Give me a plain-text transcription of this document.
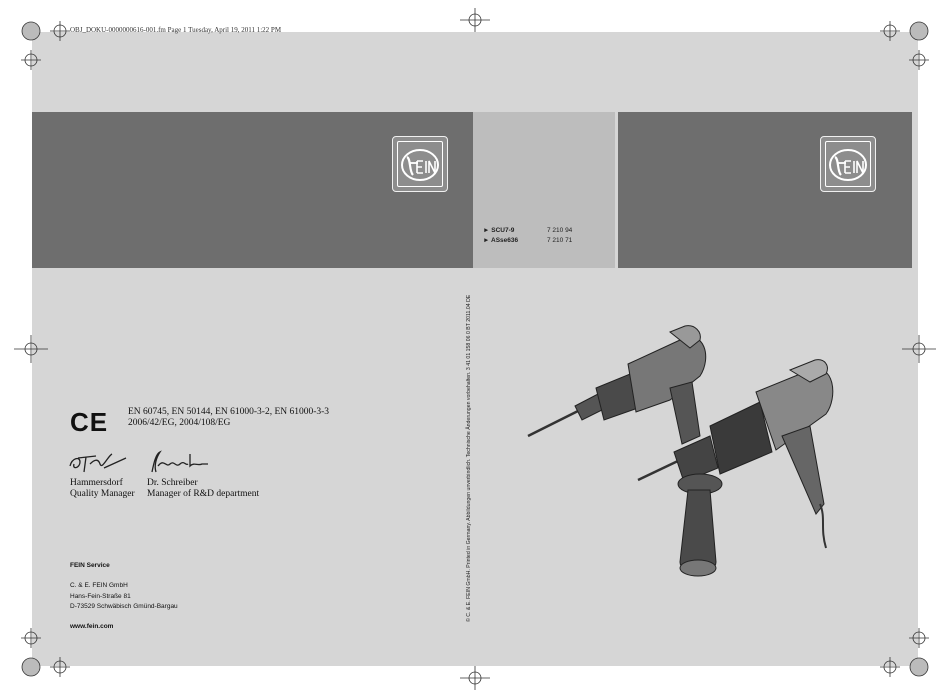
OBJ_DOKU-0000000616-001.fm Page 1 Tuesday, April 19, 2011 1:22 PM
► SCU7-9	7 210 94
► ASse636	7 210 71
CE EN 60745, EN 50144, EN 61000-3-2, EN 61000-3-3
2006/42/EG, 2004/108/EG
Hammersdorf
Quality Manager
Dr. Schreiber
Manager of R&D department
FEIN Service
C. & E. FEIN GmbH
Hans-Fein-Straße 81
D-73529 Schwäbisch Gmünd-Bargau
www.fein.com
© C. & E. FEIN GmbH. Printed in Germany. Abbildungen unverbindlich. Technische Änderungen vorbehalten. 3 41 01 158 06 0 BT 2011.04 DE
